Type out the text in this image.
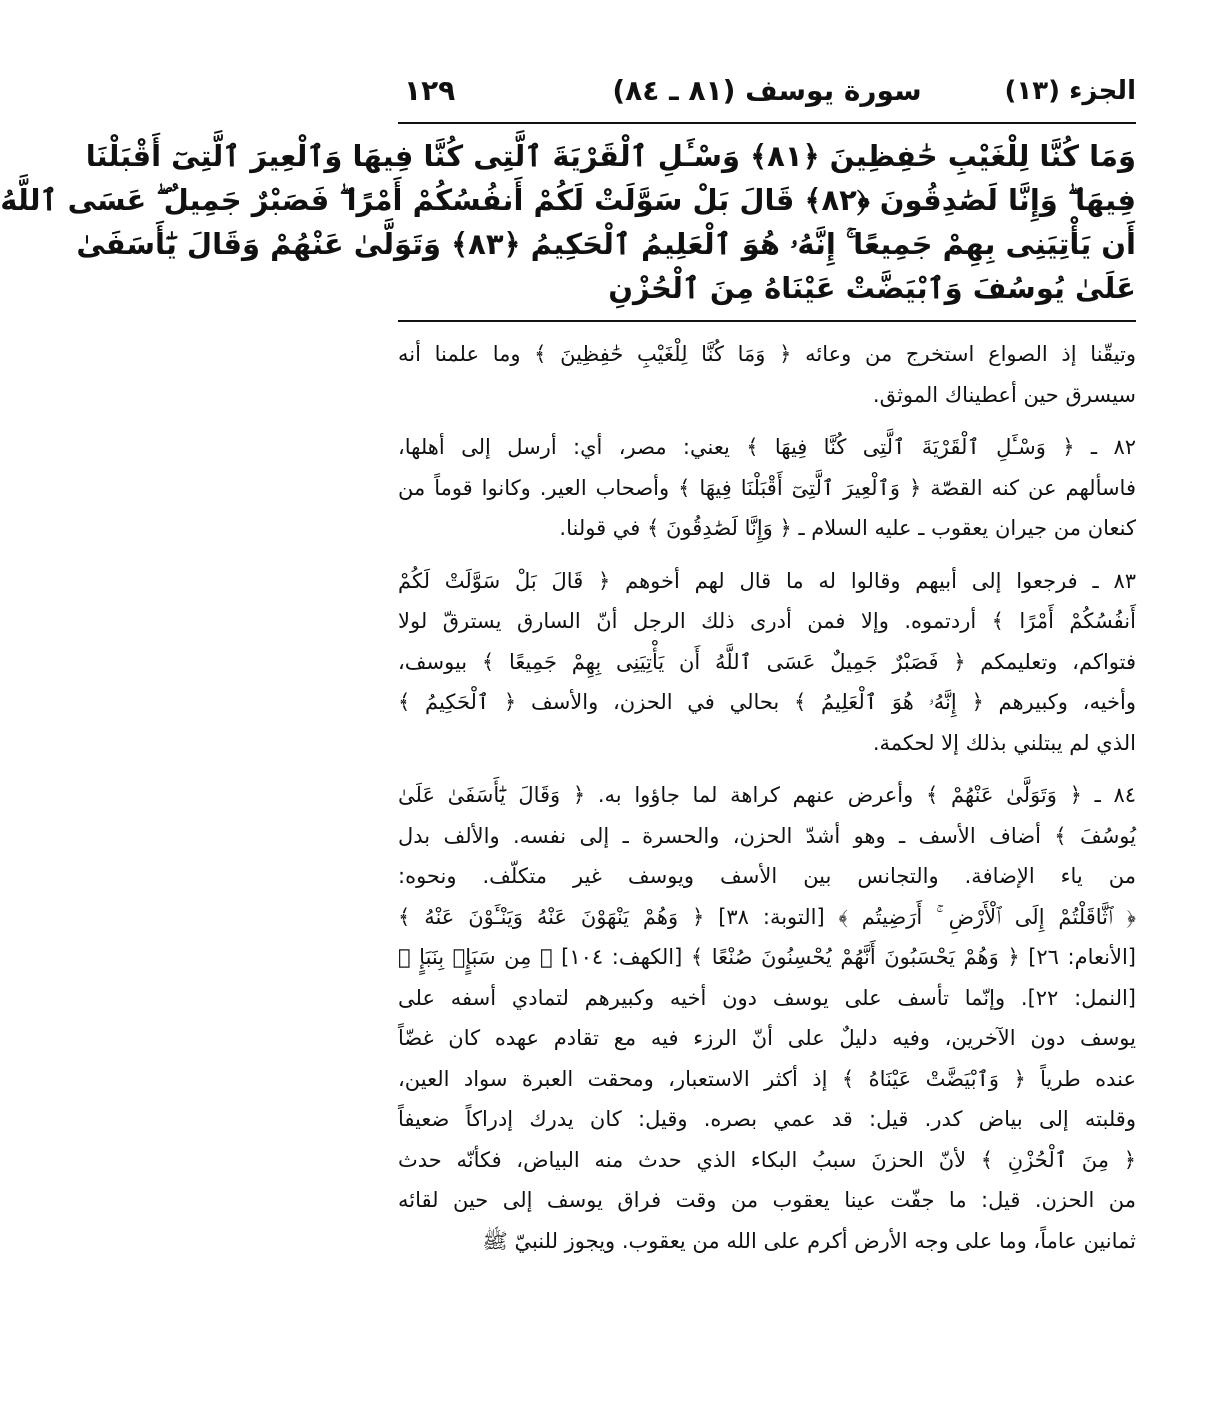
الجزء (١٣)
سورة يوسف (٨١ ـ ٨٤)
١٢٩
وَمَا كُنَّا لِلْغَيْبِ حَٰفِظِينَ ﴿٨١﴾ وَسْـَٔلِ ٱلْقَرْيَةَ ٱلَّتِى كُنَّا فِيهَا وَٱلْعِيرَ ٱلَّتِىٓ أَقْبَلْنَا
فِيهَا ۖ وَإِنَّا لَصَٰدِقُونَ ﴿٨٢﴾ قَالَ بَلْ سَوَّلَتْ لَكُمْ أَنفُسُكُمْ أَمْرًا ۖ فَصَبْرٌ جَمِيلٌ ۖ عَسَى ٱللَّهُ
أَن يَأْتِيَنِى بِهِمْ جَمِيعًا ۚ إِنَّهُۥ هُوَ ٱلْعَلِيمُ ٱلْحَكِيمُ ﴿٨٣﴾ وَتَوَلَّىٰ عَنْهُمْ وَقَالَ يَٰٓأَسَفَىٰ
عَلَىٰ يُوسُفَ وَٱبْيَضَّتْ عَيْنَاهُ مِنَ ٱلْحُزْنِ
وتيقّنا إذ الصواع استخرج من وعائه ﴿ وَمَا كُنَّا لِلْغَيْبِ حَٰفِظِينَ ﴾ وما علمنا أنه
سيسرق حين أعطيناك الموثق.
٨٢ ـ ﴿ وَسْـَٔلِ ٱلْقَرْيَةَ ٱلَّتِى كُنَّا فِيهَا ﴾ يعني: مصر، أي: أرسل إلى أهلها،
فاسألهم عن كنه القصّة ﴿ وَٱلْعِيرَ ٱلَّتِىٓ أَقْبَلْنَا فِيهَا ﴾ وأصحاب العير. وكانوا قوماً من
كنعان من جيران يعقوب ـ عليه السلام ـ ﴿ وَإِنَّا لَصَٰدِقُونَ ﴾ في قولنا.
٨٣ ـ فرجعوا إلى أبيهم وقالوا له ما قال لهم أخوهم ﴿ قَالَ بَلْ سَوَّلَتْ لَكُمْ
أَنفُسُكُمْ أَمْرًا ﴾ أردتموه. وإلا فمن أدرى ذلك الرجل أنّ السارق يسترقّ لولا
فتواكم، وتعليمكم ﴿ فَصَبْرٌ جَمِيلٌ عَسَى ٱللَّهُ أَن يَأْتِيَنِى بِهِمْ جَمِيعًا ﴾ بيوسف،
وأخيه، وكبيرهم ﴿ إِنَّهُۥ هُوَ ٱلْعَلِيمُ ﴾ بحالي في الحزن، والأسف ﴿ ٱلْحَكِيمُ ﴾
الذي لم يبتلني بذلك إلا لحكمة.
٨٤ ـ ﴿ وَتَوَلَّىٰ عَنْهُمْ ﴾ وأعرض عنهم كراهة لما جاؤوا به. ﴿ وَقَالَ يَٰٓأَسَفَىٰ عَلَىٰ
يُوسُفَ ﴾ أضاف الأسف ـ وهو أشدّ الحزن، والحسرة ـ إلى نفسه. والألف بدل
من ياء الإضافة. والتجانس بين الأسف ويوسف غير متكلّف. ونحوه:
﴿ ٱثَّاقَلْتُمْ إِلَى ٱلْأَرْضِ ۚ أَرَضِيتُم ﴾ [التوبة: ٣٨] ﴿ وَهُمْ يَنْهَوْنَ عَنْهُ وَيَنْـَٔوْنَ عَنْهُ ﴾
[الأنعام: ٢٦] ﴿ وَهُمْ يَحْسَبُونَ أَنَّهُمْ يُحْسِنُونَ صُنْعًا ﴾ [الكهف: ١٠٤] ﴿ مِن سَبَإٍۭ بِنَبَإٍ ﴾
[النمل: ٢٢]. وإنّما تأسف على يوسف دون أخيه وكبيرهم لتمادي أسفه على
يوسف دون الآخرين، وفيه دليلٌ على أنّ الرزء فيه مع تقادم عهده كان غضّاً
عنده طرياً ﴿ وَٱبْيَضَّتْ عَيْنَاهُ ﴾ إذ أكثر الاستعبار، ومحقت العبرة سواد العين،
وقلبته إلى بياض كدر. قيل: قد عمي بصره. وقيل: كان يدرك إدراكاً ضعيفاً
﴿ مِنَ ٱلْحُزْنِ ﴾ لأنّ الحزنَ سببُ البكاء الذي حدث منه البياض، فكأنّه حدث
من الحزن. قيل: ما جفّت عينا يعقوب من وقت فراق يوسف إلى حين لقائه
ثمانين عاماً، وما على وجه الأرض أكرم على الله من يعقوب. ويجوز للنبيّ ﷺ
